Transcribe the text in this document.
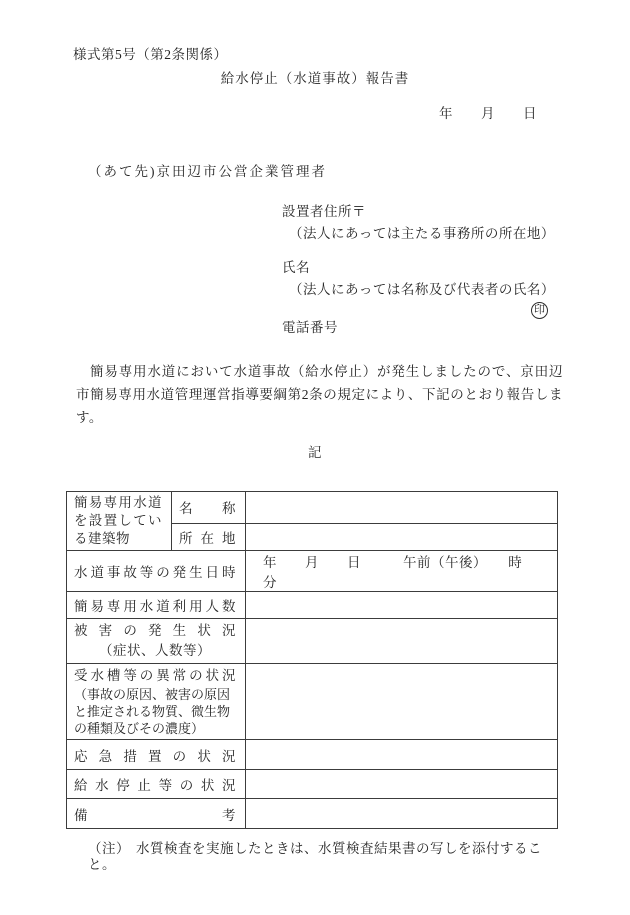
様式第5号（第2条関係）
給水停止（水道事故）報告書
年　　月　　日
（あて先)京田辺市公営企業管理者
設置者住所〒
（法人にあっては主たる事務所の所在地）
氏名
（法人にあっては名称及び代表者の氏名）
印
電話番号

簡易専用水道において水道事故（給水停止）が発生しましたので、京田辺市簡易専用水道管理運営指導要綱第2条の規定により、下記のとおり報告します。

記
簡易専用水道を設置している建築物	名称	
	所在地	
水道事故等の発生日時		年　　月　　日　　　午前（午後）　　時　　分
簡易専用水道利用人数		

被害の発生状況
（症状、人数等）		

受水槽等の異常の状況
（事故の原因、被害の原因
と推定される物質、微生物
の種類及びその濃度）		

応急措置の状況		
給水停止等の状況		
備考		
（注） 水質検査を実施したときは、水質検査結果書の写しを添付すること。
